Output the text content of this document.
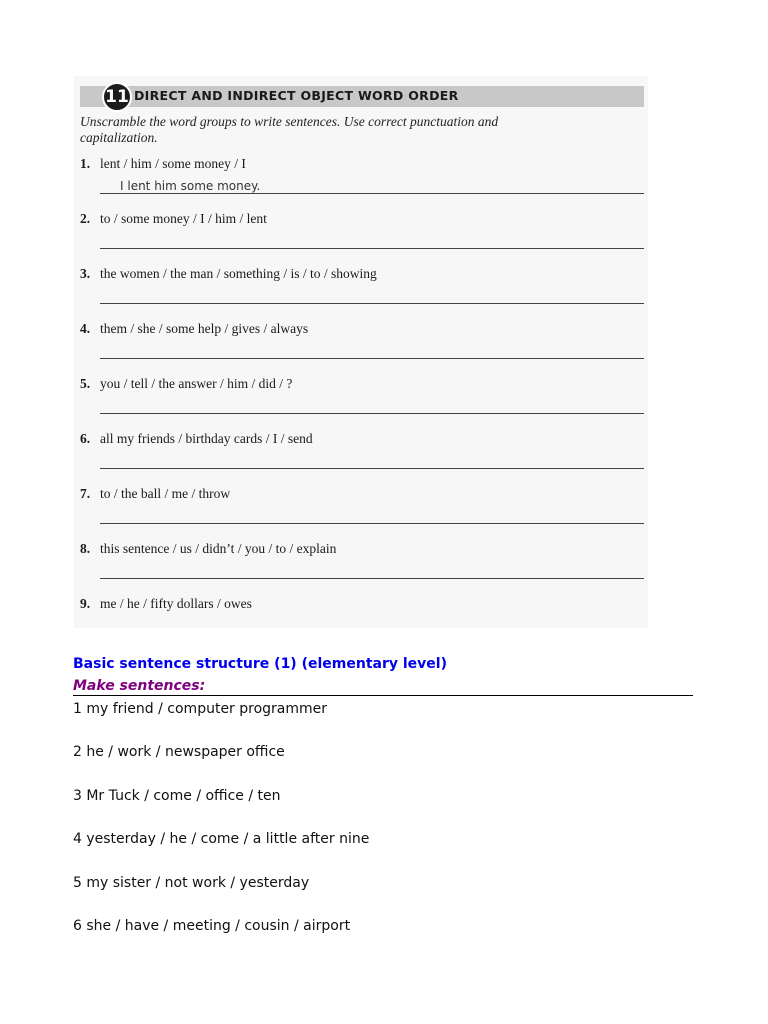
11 DIRECT AND INDIRECT OBJECT WORD ORDER
Unscramble the word groups to write sentences. Use correct punctuation and capitalization.
1. lent / him / some money / I
I lent him some money.
2. to / some money / I / him / lent
3. the women / the man / something / is / to / showing
4. them / she / some help / gives / always
5. you / tell / the answer / him / did / ?
6. all my friends / birthday cards / I / send
7. to / the ball / me / throw
8. this sentence / us / didn’t / you / to / explain
9. me / he / fifty dollars / owes
Basic sentence structure (1) (elementary level)
Make sentences:
1 my friend / computer programmer
2 he / work / newspaper office
3 Mr Tuck / come / office / ten
4 yesterday / he / come / a little after nine
5 my sister / not work / yesterday
6 she / have / meeting / cousin / airport
